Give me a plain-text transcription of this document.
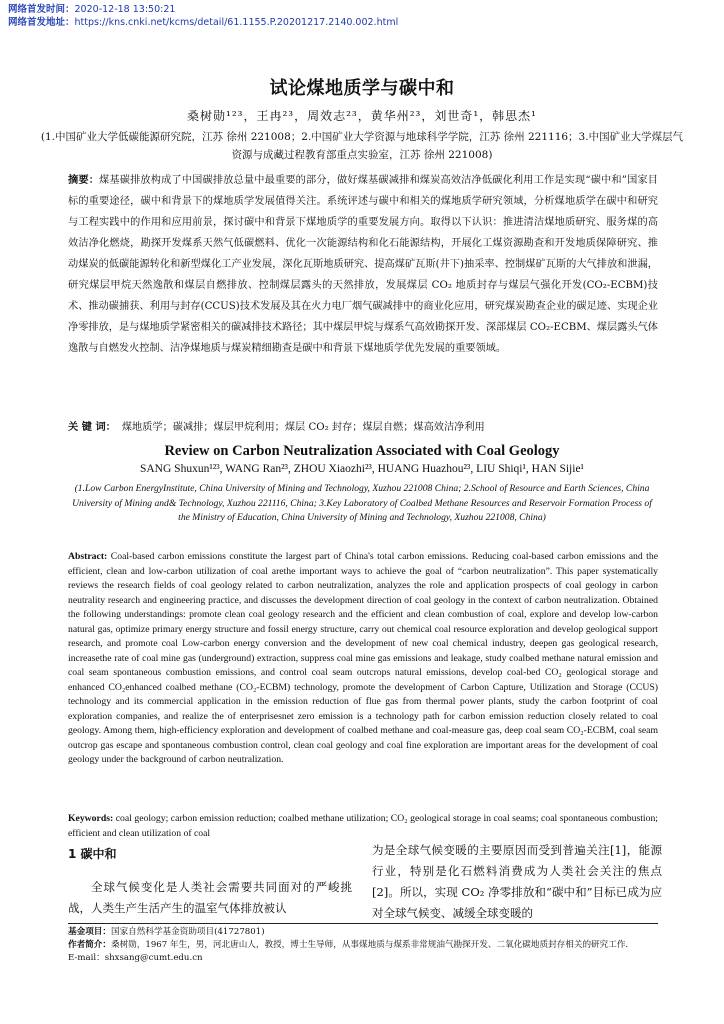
网络首发时间：2020-12-18 13:50:21
网络首发地址：https://kns.cnki.net/kcms/detail/61.1155.P.20201217.2140.002.html
试论煤地质学与碳中和
桑树勋¹²³，王冉²³，周效志²³，黄华州²³，刘世奇¹，韩思杰¹
(1.中国矿业大学低碳能源研究院，江苏 徐州 221008；2.中国矿业大学资源与地球科学学院，江苏 徐州 221116；3.中国矿业大学煤层气资源与成藏过程教育部重点实验室，江苏 徐州 221008)
摘要：煤基碳排放构成了中国碳排放总量中最重要的部分，做好煤基碳减排和煤炭高效洁净低碳化利用工作是实现“碳中和”国家目标的重要途径，碳中和背景下的煤地质学发展值得关注。系统评述与碳中和相关的煤地质学研究领域，分析煤地质学在碳中和研究与工程实践中的作用和应用前景，探讨碳中和背景下煤地质学的重要发展方向。取得以下认识：推进清洁煤地质研究、服务煤的高效洁净化燃烧，勘探开发煤系天然气低碳燃料、优化一次能源结构和化石能源结构，开展化工煤资源勘查和开发地质保障研究、推动煤炭的低碳能源转化和新型煤化工产业发展，深化瓦斯地质研究、提高煤矿瓦斯(井下)抽采率、控制煤矿瓦斯的大气排放和泄漏，研究煤层甲烷天然逸散和煤层自燃排放、控制煤层露头的天然排放，发展煤层 CO₂ 地质封存与煤层气强化开发(CO₂-ECBM)技术、推动碳捕获、利用与封存(CCUS)技术发展及其在火力电厂烟气碳减排中的商业化应用，研究煤炭勘查企业的碳足迹、实现企业净零排放，是与煤地质学紧密相关的碳减排技术路径；其中煤层甲烷与煤系气高效勘探开发、深部煤层 CO₂-ECBM、煤层露头气体逸散与自燃发火控制、洁净煤地质与煤炭精细勘查是碳中和背景下煤地质学优先发展的重要领域。
关 键 词： 煤地质学；碳减排；煤层甲烷利用；煤层 CO₂ 封存；煤层自燃；煤高效洁净利用
Review on Carbon Neutralization Associated with Coal Geology
SANG Shuxun¹²³, WANG Ran²³, ZHOU Xiaozhi²³, HUANG Huazhou²³, LIU Shiqi¹, HAN Sijie¹
(1.Low Carbon EnergyInstitute, China University of Mining and Technology, Xuzhou 221008 China; 2.School of Resource and Earth Sciences, China University of Mining and& Technology, Xuzhou 221116, China; 3.Key Laboratory of Coalbed Methane Resources and Reservoir Formation Process of the Ministry of Education, China University of Mining and Technology, Xuzhou 221008, China)
Abstract: Coal-based carbon emissions constitute the largest part of China's total carbon emissions. Reducing coal-based carbon emissions and the efficient, clean and low-carbon utilization of coal arethe important ways to achieve the goal of “carbon neutralization”. This paper systematically reviews the research fields of coal geology related to carbon neutralization, analyzes the role and application prospects of coal geology in carbon neutrality research and engineering practice, and discusses the development direction of coal geology in the context of carbon neutralization. Obtained the following understandings: promote clean coal geology research and the efficient and clean combustion of coal, explore and develop low-carbon natural gas, optimize primary energy structure and fossil energy structure, carry out chemical coal resource exploration and develop geological support research, and promote coal Low-carbon energy conversion and the development of new coal chemical industry, deepen gas geological research, increasethe rate of coal mine gas (underground) extraction, suppress coal mine gas emissions and leakage, study coalbed methane natural emission and coal seam spontaneous combustion emissions, and control coal seam outcrops natural emissions, develop coal-bed CO₂ geological storage and enhanced CO₂enhanced coalbed methane (CO₂-ECBM) technology, promote the development of Carbon Capture, Utilization and Storage (CCUS) technology and its commercial application in the emission reduction of flue gas from thermal power plants, study the carbon footprint of coal exploration companies, and realize the of enterprisesnet zero emission is a technology path for carbon emission reduction closely related to coal geology. Among them, high-efficiency exploration and development of coalbed methane and coal-measure gas, deep coal seam CO₂-ECBM, coal seam outcrop gas escape and spontaneous combustion control, clean coal geology and coal fine exploration are important areas for the development of coal geology under the background of carbon neutralization.
Keywords: coal geology; carbon emission reduction; coalbed methane utilization; CO₂ geological storage in coal seams; coal spontaneous combustion; efficient and clean utilization of coal
1 碳中和
全球气候变化是人类社会需要共同面对的严峻挑战，人类生产生活产生的温室气体排放被认
为是全球气候变暖的主要原因而受到普遍关注[1]，能源行业，特别是化石燃料消费成为人类社会关注的焦点[2]。所以，实现 CO₂ 净零排放和“碳中和”目标已成为应对全球气候变、减缓全球变暖的
基金项目：国家自然科学基金资助项目(41727801)
作者简介：桑树勋，1967 年生，男，河北唐山人，教授，博士生导师，从事煤地质与煤系非常规油气勘探开发、二氧化碳地质封存相关的研究工作.
E-mail：shxsang@cumt.edu.cn
